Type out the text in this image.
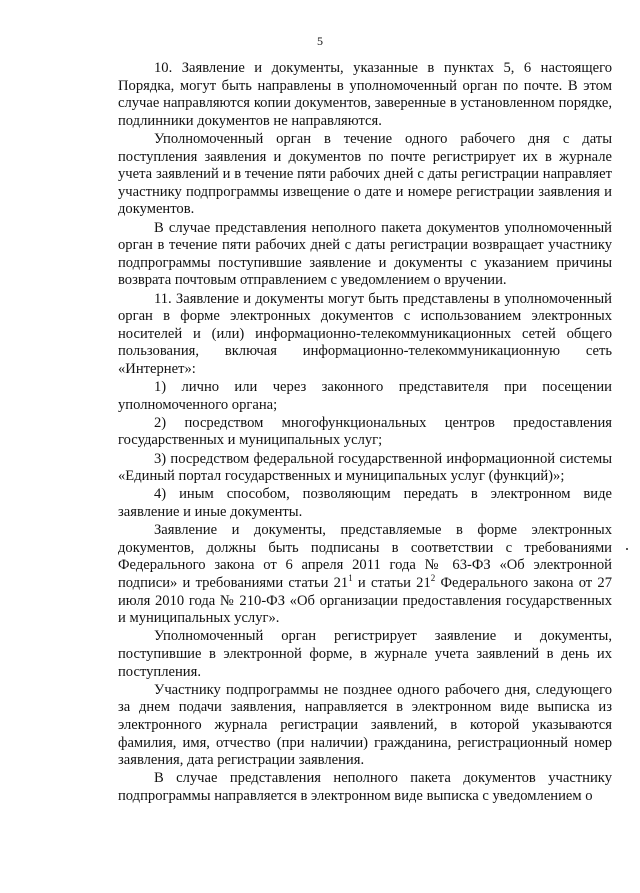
5

10. Заявление и документы, указанные в пунктах 5, 6 настоящего Порядка, могут быть направлены в уполномоченный орган по почте. В этом случае направляются копии документов, заверенные в установленном порядке, подлинники документов не направляются.

Уполномоченный орган в течение одного рабочего дня с даты поступления заявления и документов по почте регистрирует их в журнале учета заявлений и в течение пяти рабочих дней с даты регистрации направляет участнику подпрограммы извещение о дате и номере регистрации заявления и документов.

В случае представления неполного пакета документов уполномоченный орган в течение пяти рабочих дней с даты регистрации возвращает участнику подпрограммы поступившие заявление и документы с указанием причины возврата почтовым отправлением с уведомлением о вручении.

11. Заявление и документы могут быть представлены в уполномоченный орган в форме электронных документов с использованием электронных носителей и (или) информационно-телекоммуникационных сетей общего пользования, включая информационно-телекоммуникационную сеть «Интернет»:

1) лично или через законного представителя при посещении уполномоченного органа;

2) посредством многофункциональных центров предоставления государственных и муниципальных услуг;

3) посредством федеральной государственной информационной системы «Единый портал государственных и муниципальных услуг (функций)»;

4) иным способом, позволяющим передать в электронном виде заявление и иные документы.

Заявление и документы, представляемые в форме электронных документов, должны быть подписаны в соответствии с требованиями Федерального закона от 6 апреля 2011 года № 63-ФЗ «Об электронной подписи» и требованиями статьи $21^1$ и статьи $21^2$ Федерального закона от 27 июля 2010 года № 210-ФЗ «Об организации предоставления государственных и муниципальных услуг».

Уполномоченный орган регистрирует заявление и документы, поступившие в электронной форме, в журнале учета заявлений в день их поступления.

Участнику подпрограммы не позднее одного рабочего дня, следующего за днем подачи заявления, направляется в электронном виде выписка из электронного журнала регистрации заявлений, в которой указываются фамилия, имя, отчество (при наличии) гражданина, регистрационный номер заявления, дата регистрации заявления.

В случае представления неполного пакета документов участнику подпрограммы направляется в электронном виде выписка с уведомлением о
